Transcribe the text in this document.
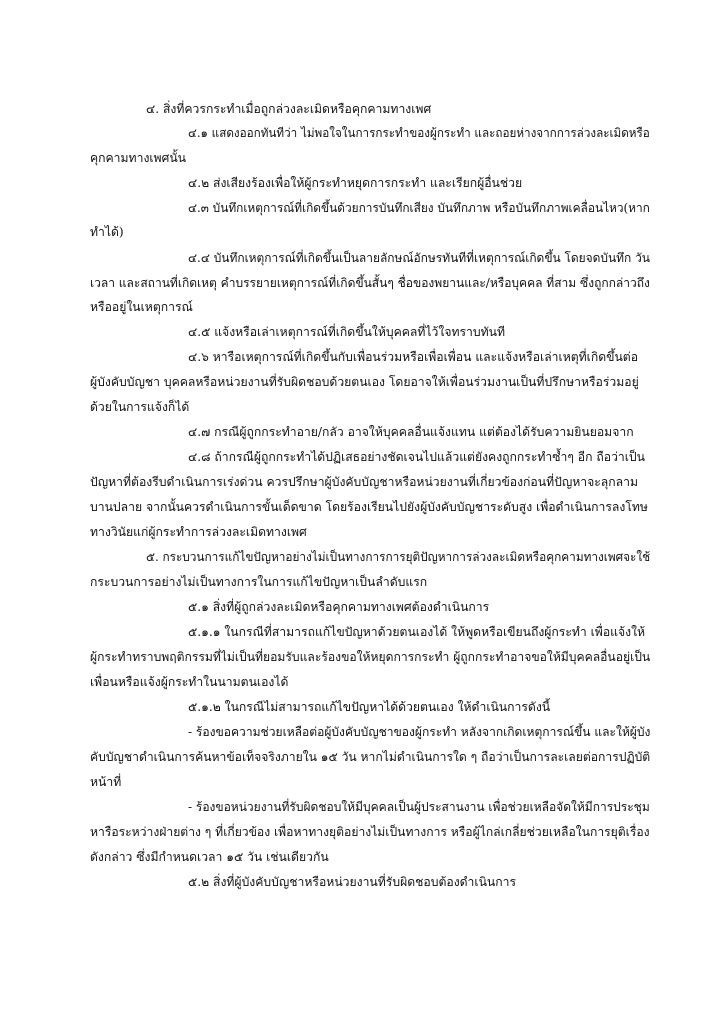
๔. สิ่งที่ควรกระทำเมื่อถูกล่วงละเมิดหรือคุกคามทางเพศ
๔.๑ แสดงออกทันทีว่า ไม่พอใจในการกระทำของผู้กระทำ และถอยห่างจากการล่วงละเมิดหรือ
คุกคามทางเพศนั้น
๔.๒ ส่งเสียงร้องเพื่อให้ผู้กระทำหยุดการกระทำ และเรียกผู้อื่นช่วย
๔.๓ บันทึกเหตุการณ์ที่เกิดขึ้นด้วยการบันทึกเสียง บันทึกภาพ หรือบันทึกภาพเคลื่อนไหว(หาก
ทำได้)
๔.๔ บันทึกเหตุการณ์ที่เกิดขึ้นเป็นลายลักษณ์อักษรทันทีที่เหตุการณ์เกิดขึ้น โดยจดบันทึก วัน
เวลา และสถานที่เกิดเหตุ คำบรรยายเหตุการณ์ที่เกิดขึ้นสั้นๆ ชื่อของพยานและ/หรือบุคคล ที่สาม ซึ่งถูกกล่าวถึง
หรืออยู่ในเหตุการณ์
๔.๕ แจ้งหรือเล่าเหตุการณ์ที่เกิดขึ้นให้บุคคลที่ไว้ใจทราบทันที
๔.๖ หารือเหตุการณ์ที่เกิดขึ้นกับเพื่อนร่วมหรือเพื่อเพื่อน และแจ้งหรือเล่าเหตุที่เกิดขึ้นต่อ
ผู้บังคับบัญชา บุคคลหรือหน่วยงานที่รับผิดชอบด้วยตนเอง โดยอาจให้เพื่อนร่วมงานเป็นที่ปรึกษาหรือร่วมอยู่
ด้วยในการแจ้งก็ได้
๔.๗ กรณีผู้ถูกกระทำอาย/กลัว อาจให้บุคคลอื่นแจ้งแทน แต่ต้องได้รับความยินยอมจาก
๔.๘ ถ้ากรณีผู้ถูกกระทำได้ปฏิเสธอย่างชัดเจนไปแล้วแต่ยังคงถูกกระทำซ้ำๆ อีก ถือว่าเป็น
ปัญหาที่ต้องรีบดำเนินการเร่งด่วน ควรปรึกษาผู้บังคับบัญชาหรือหน่วยงานที่เกี่ยวข้องก่อนที่ปัญหาจะลุกลาม
บานปลาย จากนั้นควรดำเนินการขั้นเด็ดขาด โดยร้องเรียนไปยังผู้บังคับบัญชาระดับสูง เพื่อดำเนินการลงโทษ
ทางวินัยแก่ผู้กระทำการล่วงละเมิดทางเพศ
๕. กระบวนการแก้ไขปัญหาอย่างไม่เป็นทางการการยุติปัญหาการล่วงละเมิดหรือคุกคามทางเพศจะใช้
กระบวนการอย่างไม่เป็นทางการในการแก้ไขปัญหาเป็นลำดับแรก
๕.๑ สิ่งที่ผู้ถูกล่วงละเมิดหรือคุกคามทางเพศต้องดำเนินการ
๕.๑.๑ ในกรณีที่สามารถแก้ไขปัญหาด้วยตนเองได้ ให้พูดหรือเขียนถึงผู้กระทำ เพื่อแจ้งให้
ผู้กระทำทราบพฤติกรรมที่ไม่เป็นที่ยอมรับและร้องขอให้หยุดการกระทำ ผู้ถูกกระทำอาจขอให้มีบุคคลอื่นอยู่เป็น
เพื่อนหรือแจ้งผู้กระทำในนามตนเองได้
๕.๑.๒ ในกรณีไม่สามารถแก้ไขปัญหาได้ด้วยตนเอง ให้ดำเนินการดังนี้
- ร้องขอความช่วยเหลือต่อผู้บังคับบัญชาของผู้กระทำ หลังจากเกิดเหตุการณ์ขึ้น และให้ผู้บัง
คับบัญชาดำเนินการค้นหาข้อเท็จจริงภายใน ๑๕ วัน หากไม่ดำเนินการใด ๆ ถือว่าเป็นการละเลยต่อการปฏิบัติ
หน้าที่
- ร้องขอหน่วยงานที่รับผิดชอบให้มีบุคคลเป็นผู้ประสานงาน เพื่อช่วยเหลือจัดให้มีการประชุม
หารือระหว่างฝ่ายต่าง ๆ ที่เกี่ยวข้อง เพื่อหาทางยุติอย่างไม่เป็นทางการ หรือผู้ไกล่เกลี่ยช่วยเหลือในการยุติเรื่อง
ดังกล่าว ซึ่งมีกำหนดเวลา ๑๕ วัน เช่นเดียวกัน
๕.๒ สิ่งที่ผู้บังคับบัญชาหรือหน่วยงานที่รับผิดชอบต้องดำเนินการ
